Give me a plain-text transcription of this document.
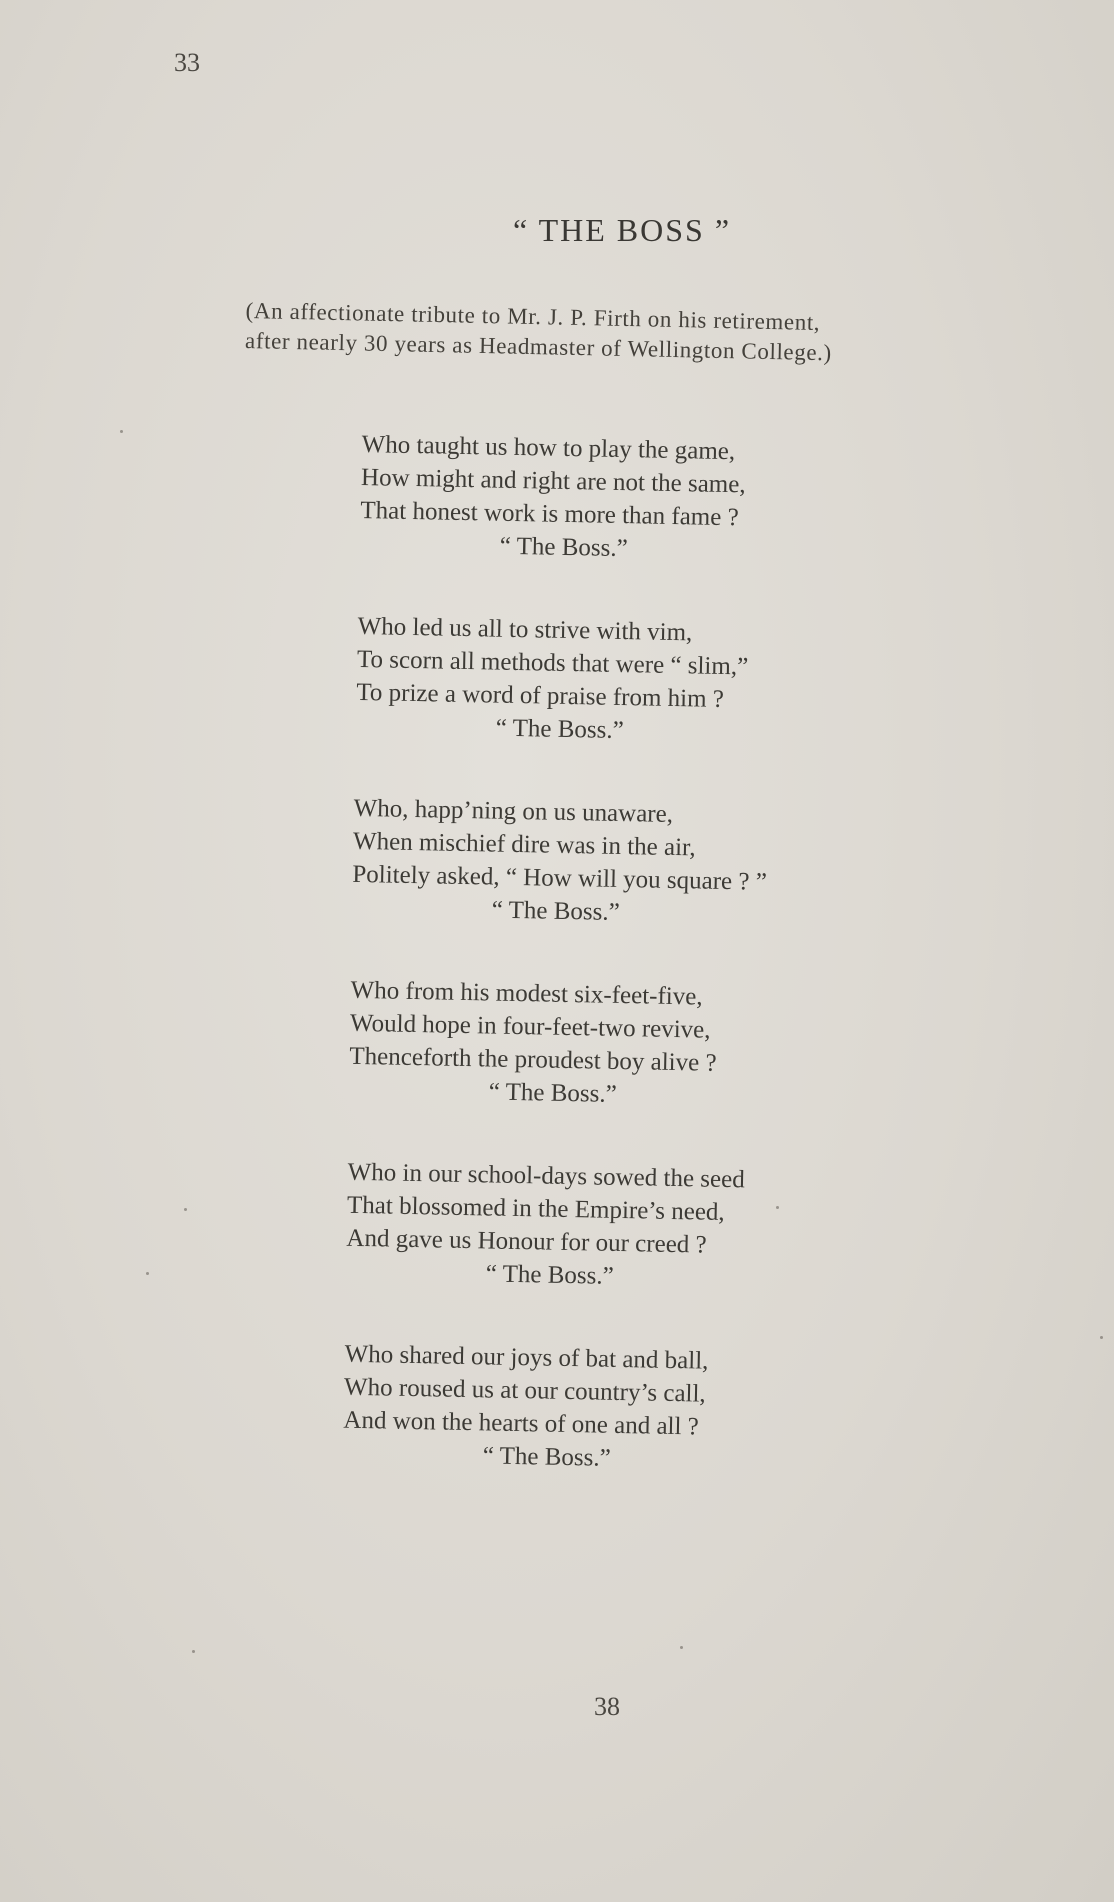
33
“ THE BOSS ”
(An affectionate tribute to Mr. J. P. Firth on his retirement,
after nearly 30 years as Headmaster of Wellington College.)
Who taught us how to play the game,
How might and right are not the same,
That honest work is more than fame ?
“ The Boss.”
Who led us all to strive with vim,
To scorn all methods that were “ slim,”
To prize a word of praise from him ?
“ The Boss.”
Who, happ’ning on us unaware,
When mischief dire was in the air,
Politely asked, “ How will you square ? ”
“ The Boss.”
Who from his modest six-feet-five,
Would hope in four-feet-two revive,
Thenceforth the proudest boy alive ?
“ The Boss.”
Who in our school-days sowed the seed
That blossomed in the Empire’s need,
And gave us Honour for our creed ?
“ The Boss.”
Who shared our joys of bat and ball,
Who roused us at our country’s call,
And won the hearts of one and all ?
“ The Boss.”
38
